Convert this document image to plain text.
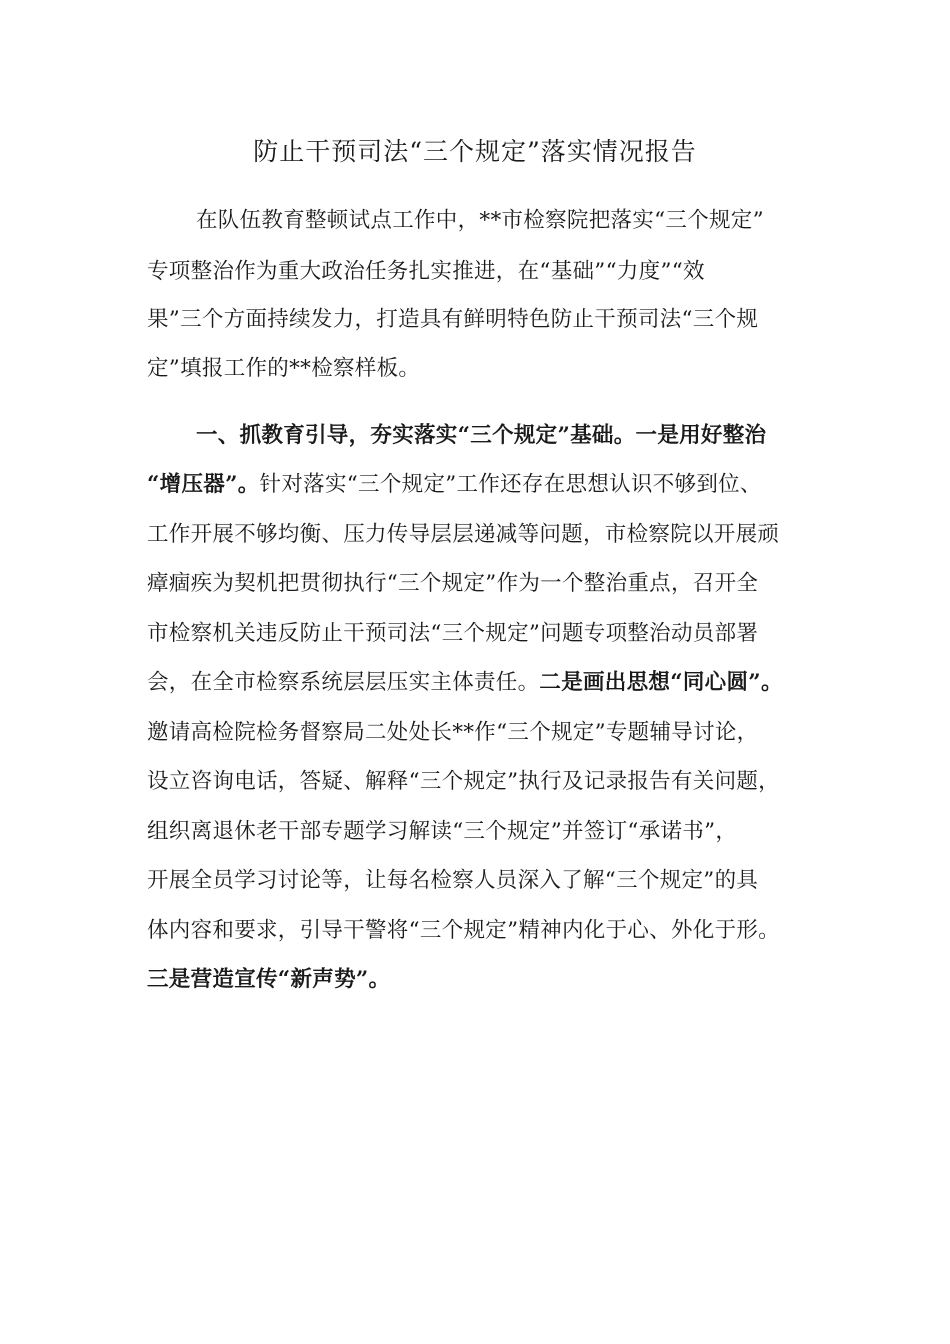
防止干预司法“三个规定”落实情况报告

在队伍教育整顿试点工作中，**市检察院把落实“三个规定”

专项整治作为重大政治任务扎实推进，在“基础”“力度”“效

果”三个方面持续发力，打造具有鲜明特色防止干预司法“三个规

定”填报工作的**检察样板。

一、抓教育引导，夯实落实“三个规定”基础。一是用好整治

“增压器”。针对落实“三个规定”工作还存在思想认识不够到位、

工作开展不够均衡、压力传导层层递减等问题，市检察院以开展顽

瘴痼疾为契机把贯彻执行“三个规定”作为一个整治重点，召开全

市检察机关违反防止干预司法“三个规定”问题专项整治动员部署

会，在全市检察系统层层压实主体责任。二是画出思想“同心圆”。

邀请高检院检务督察局二处处长**作“三个规定”专题辅导讨论，

设立咨询电话，答疑、解释“三个规定”执行及记录报告有关问题，

组织离退休老干部专题学习解读“三个规定”并签订“承诺书”，

开展全员学习讨论等，让每名检察人员深入了解“三个规定”的具

体内容和要求，引导干警将“三个规定”精神内化于心、外化于形。

三是营造宣传“新声势”。
